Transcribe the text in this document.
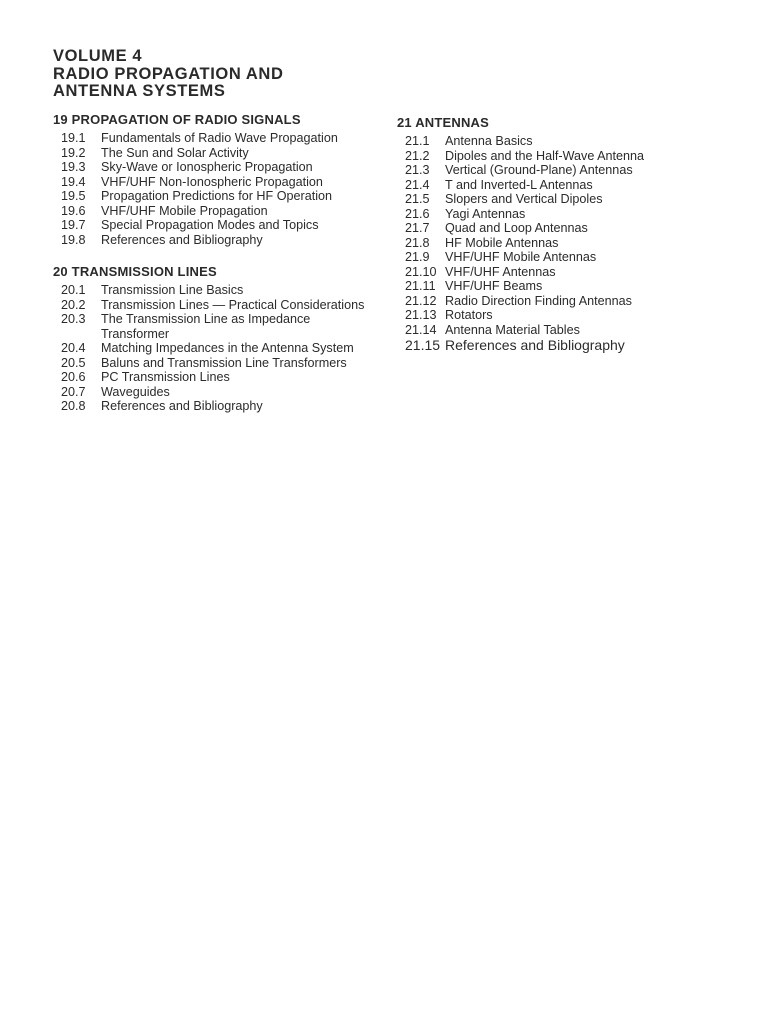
VOLUME 4
RADIO PROPAGATION AND
ANTENNA SYSTEMS
19 PROPAGATION OF RADIO SIGNALS
19.1	Fundamentals of Radio Wave Propagation
19.2	The Sun and Solar Activity
19.3	Sky-Wave or Ionospheric Propagation
19.4	VHF/UHF Non-Ionospheric Propagation
19.5	Propagation Predictions for HF Operation
19.6	VHF/UHF Mobile Propagation
19.7	Special Propagation Modes and Topics
19.8	References and Bibliography
20 TRANSMISSION LINES
20.1	Transmission Line Basics
20.2	Transmission Lines — Practical Considerations
20.3	The Transmission Line as Impedance Transformer
20.4	Matching Impedances in the Antenna System
20.5	Baluns and Transmission Line Transformers
20.6	PC Transmission Lines
20.7	Waveguides
20.8	References and Bibliography
21 ANTENNAS
21.1	Antenna Basics
21.2	Dipoles and the Half-Wave Antenna
21.3	Vertical (Ground-Plane) Antennas
21.4	T and Inverted-L Antennas
21.5	Slopers and Vertical Dipoles
21.6	Yagi Antennas
21.7	Quad and Loop Antennas
21.8	HF Mobile Antennas
21.9	VHF/UHF Mobile Antennas
21.10 VHF/UHF Antennas
21.11 VHF/UHF Beams
21.12 Radio Direction Finding Antennas
21.13 Rotators
21.14 Antenna Material Tables
21.15 References and Bibliography
